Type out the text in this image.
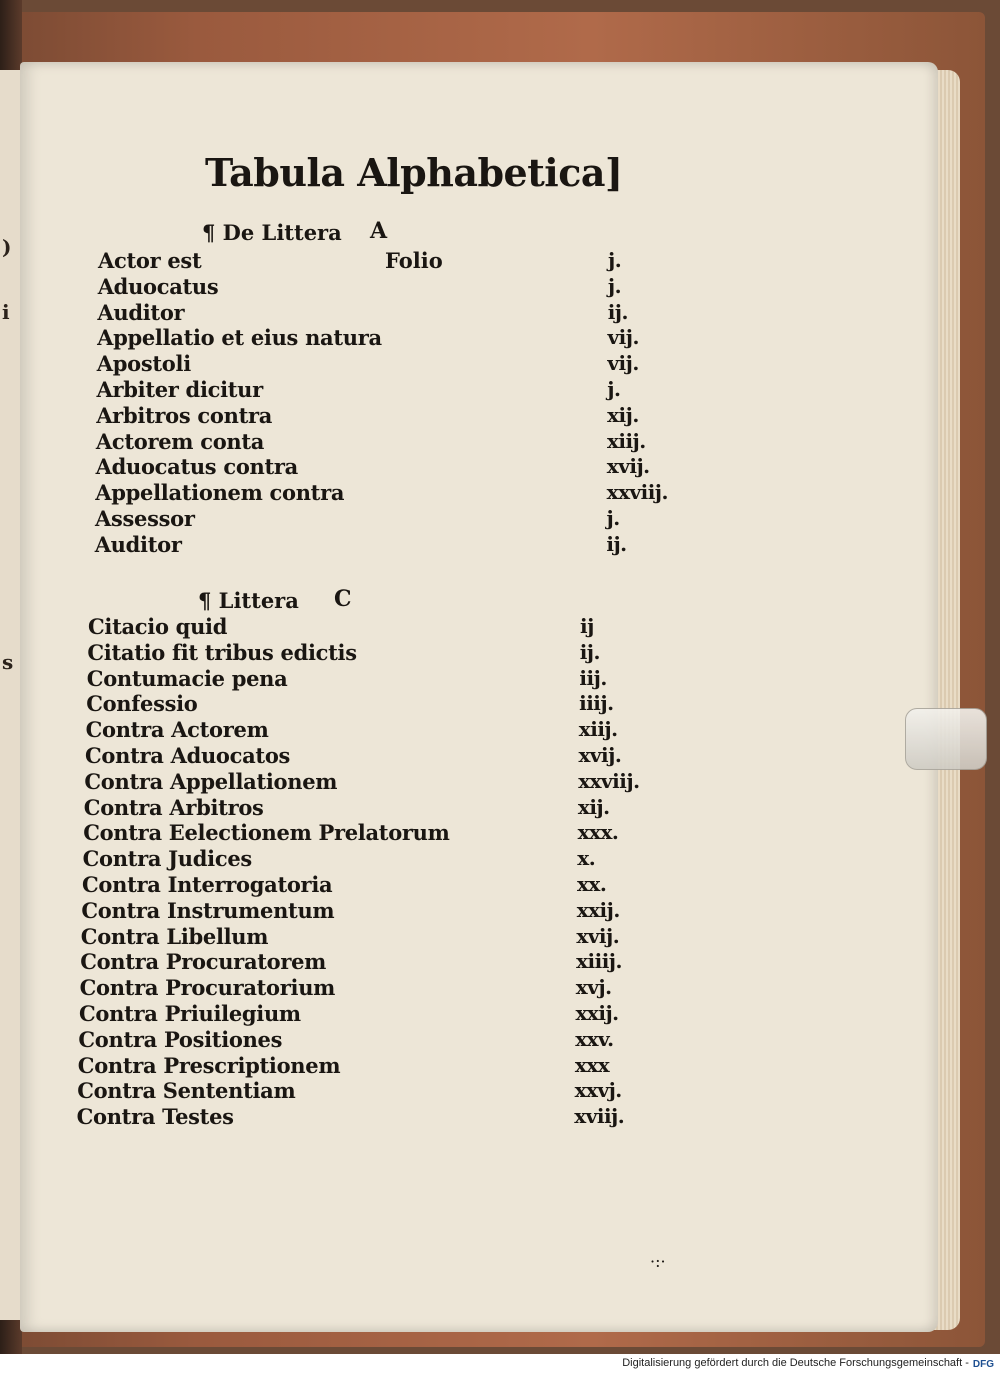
)
i
s
Tabula Alphabetica]
¶ De Littera A
Folio
Actor est	j.
Aduocatus	j.
Auditor	ij.
Appellatio et eius natura	vij.
Apostoli	vij.
Arbiter dicitur	j.
Arbitros contra	xij.
Actorem conta	xiij.
Aduocatus contra	xvij.
Appellationem contra	xxviij.
Assessor	j.
Auditor	ij.
¶ Littera C
Citacio quid	ij
Citatio fit tribus edictis	ij.
Contumacie pena	iij.
Confessio	iiij.
Contra Actorem	xiij.
Contra Aduocatos	xvij.
Contra Appellationem	xxviij.
Contra Arbitros	xij.
Contra Eelectionem Prelatorum	xxx.
Contra Judices	x.
Contra Interrogatoria	xx.
Contra Instrumentum	xxij.
Contra Libellum	xvij.
Contra Procuratorem	xiiij.
Contra Procuratorium	xvj.
Contra Priuilegium	xxij.
Contra Positiones	xxv.
Contra Prescriptionem	xxx
Contra Sententiam	xxvj.
Contra Testes	xviij.
·:·
Digitalisierung gefördert durch die Deutsche Forschungsgemeinschaft - DFG
